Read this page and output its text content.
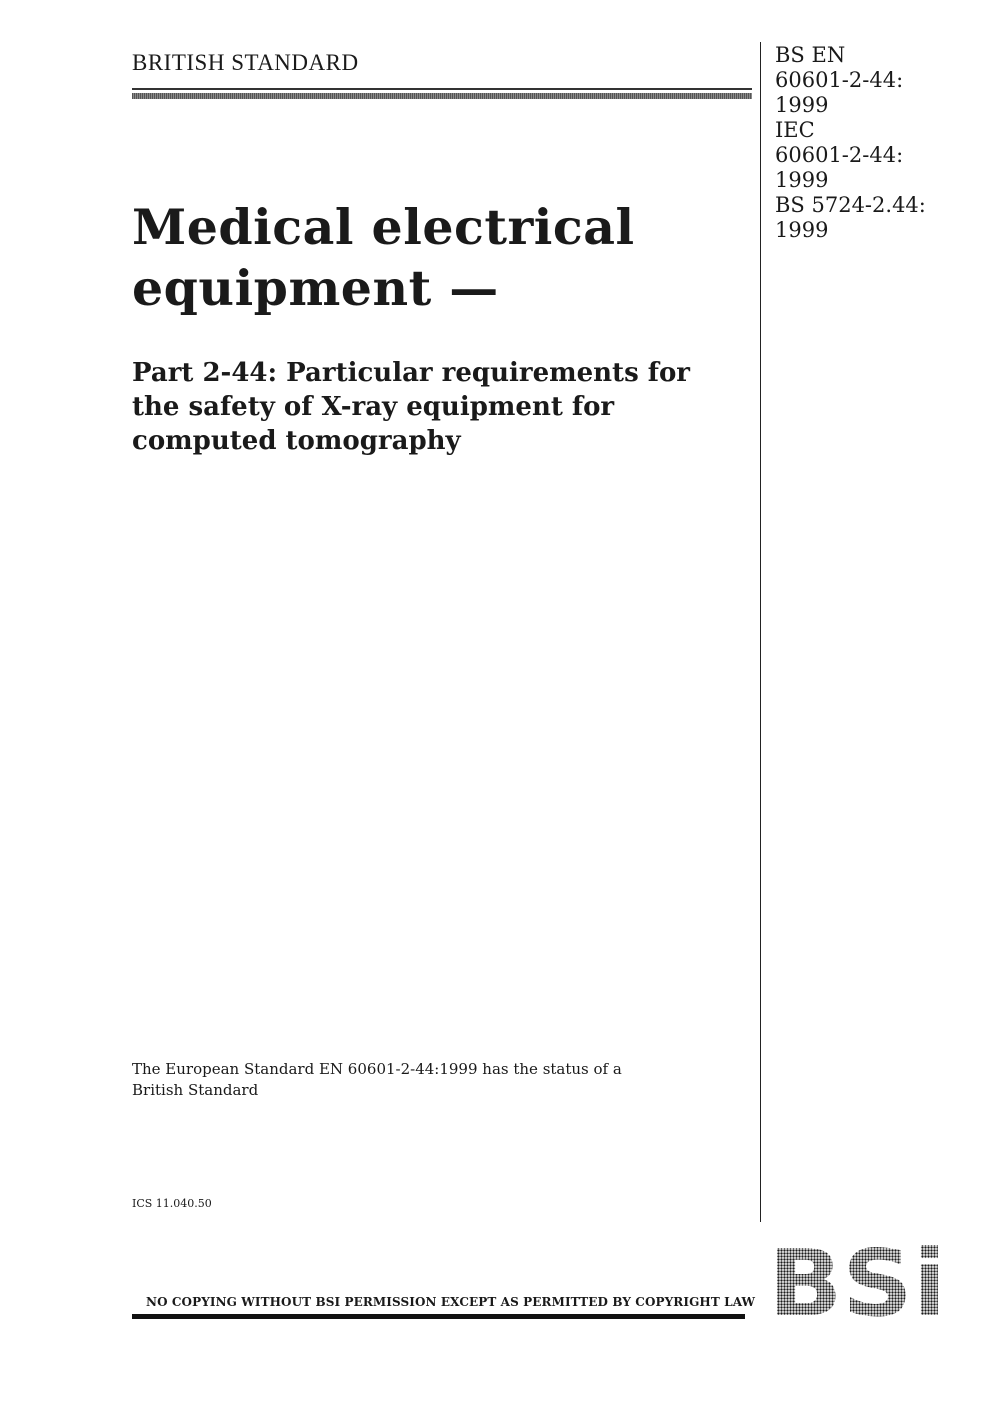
BRITISH STANDARD	BS EN
60601-2-44:
1999
IEC
60601-2-44:
1999
BS 5724-2.44:
1999
Medical electrical
equipment —
Part 2-44: Particular requirements for
the safety of X-ray equipment for
computed tomography
The European Standard EN 60601-2-44:1999 has the status of a
British Standard
ICS 11.040.50
NO COPYING WITHOUT BSI PERMISSION EXCEPT AS PERMITTED BY COPYRIGHT LAW BSi
